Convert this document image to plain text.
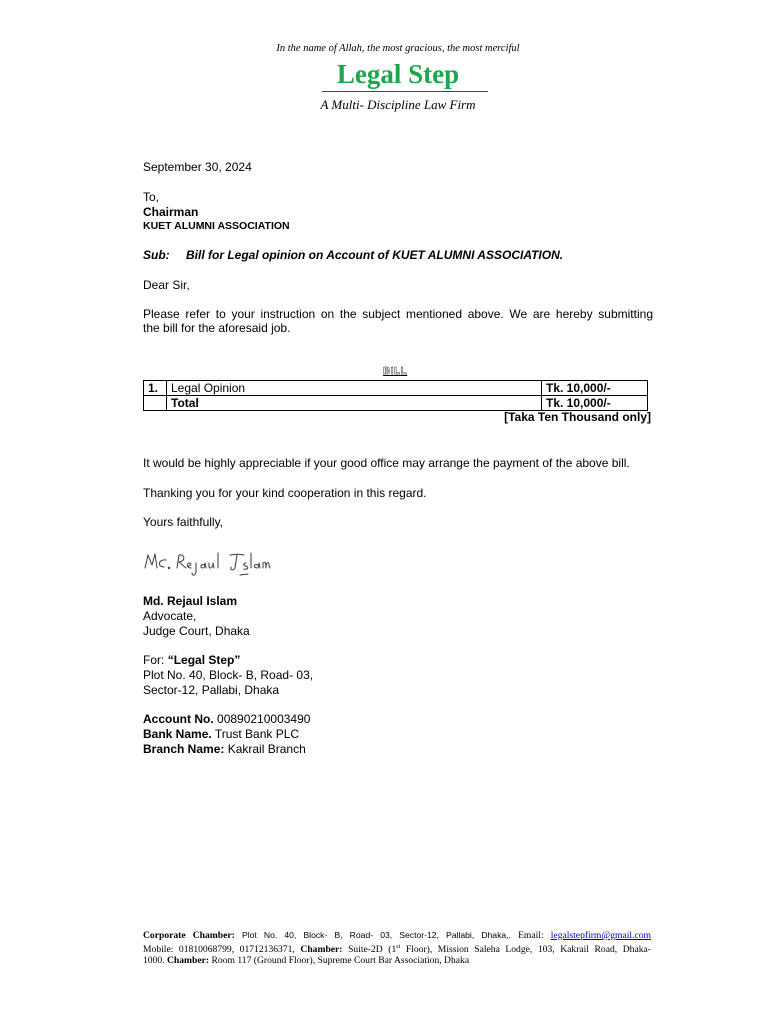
In the name of Allah, the most gracious, the most merciful
Legal Step
A Multi- Discipline Law Firm
September 30, 2024
To,
Chairman
KUET ALUMNI ASSOCIATION
Sub: Bill for Legal opinion on Account of KUET ALUMNI ASSOCIATION.
Dear Sir,
Please refer to your instruction on the subject mentioned above. We are hereby submitting
the bill for the aforesaid job.
BILL
1.	Legal Opinion	Tk. 10,000/-
	Total	Tk. 10,000/-
[Taka Ten Thousand only]
It would be highly appreciable if your good office may arrange the payment of the above bill.
Thanking you for your kind cooperation in this regard.
Yours faithfully,
Md. Rejaul Islam
Advocate,
Judge Court, Dhaka
For: “Legal Step”
Plot No. 40, Block- B, Road- 03,
Sector-12, Pallabi, Dhaka
Account No. 00890210003490
Bank Name. Trust Bank PLC
Branch Name: Kakrail Branch
Corporate Chamber: Plot No. 40, Block- B, Road- 03, Sector-12, Pallabi, Dhaka,. Email: legalstepfirm@gmail.com
Mobile: 01810068799, 01712136371, Chamber: Suite-2D (1st Floor), Mission Saleha Lodge, 103, Kakrail Road, Dhaka-
1000. Chamber: Room 117 (Ground Floor), Supreme Court Bar Association, Dhaka
